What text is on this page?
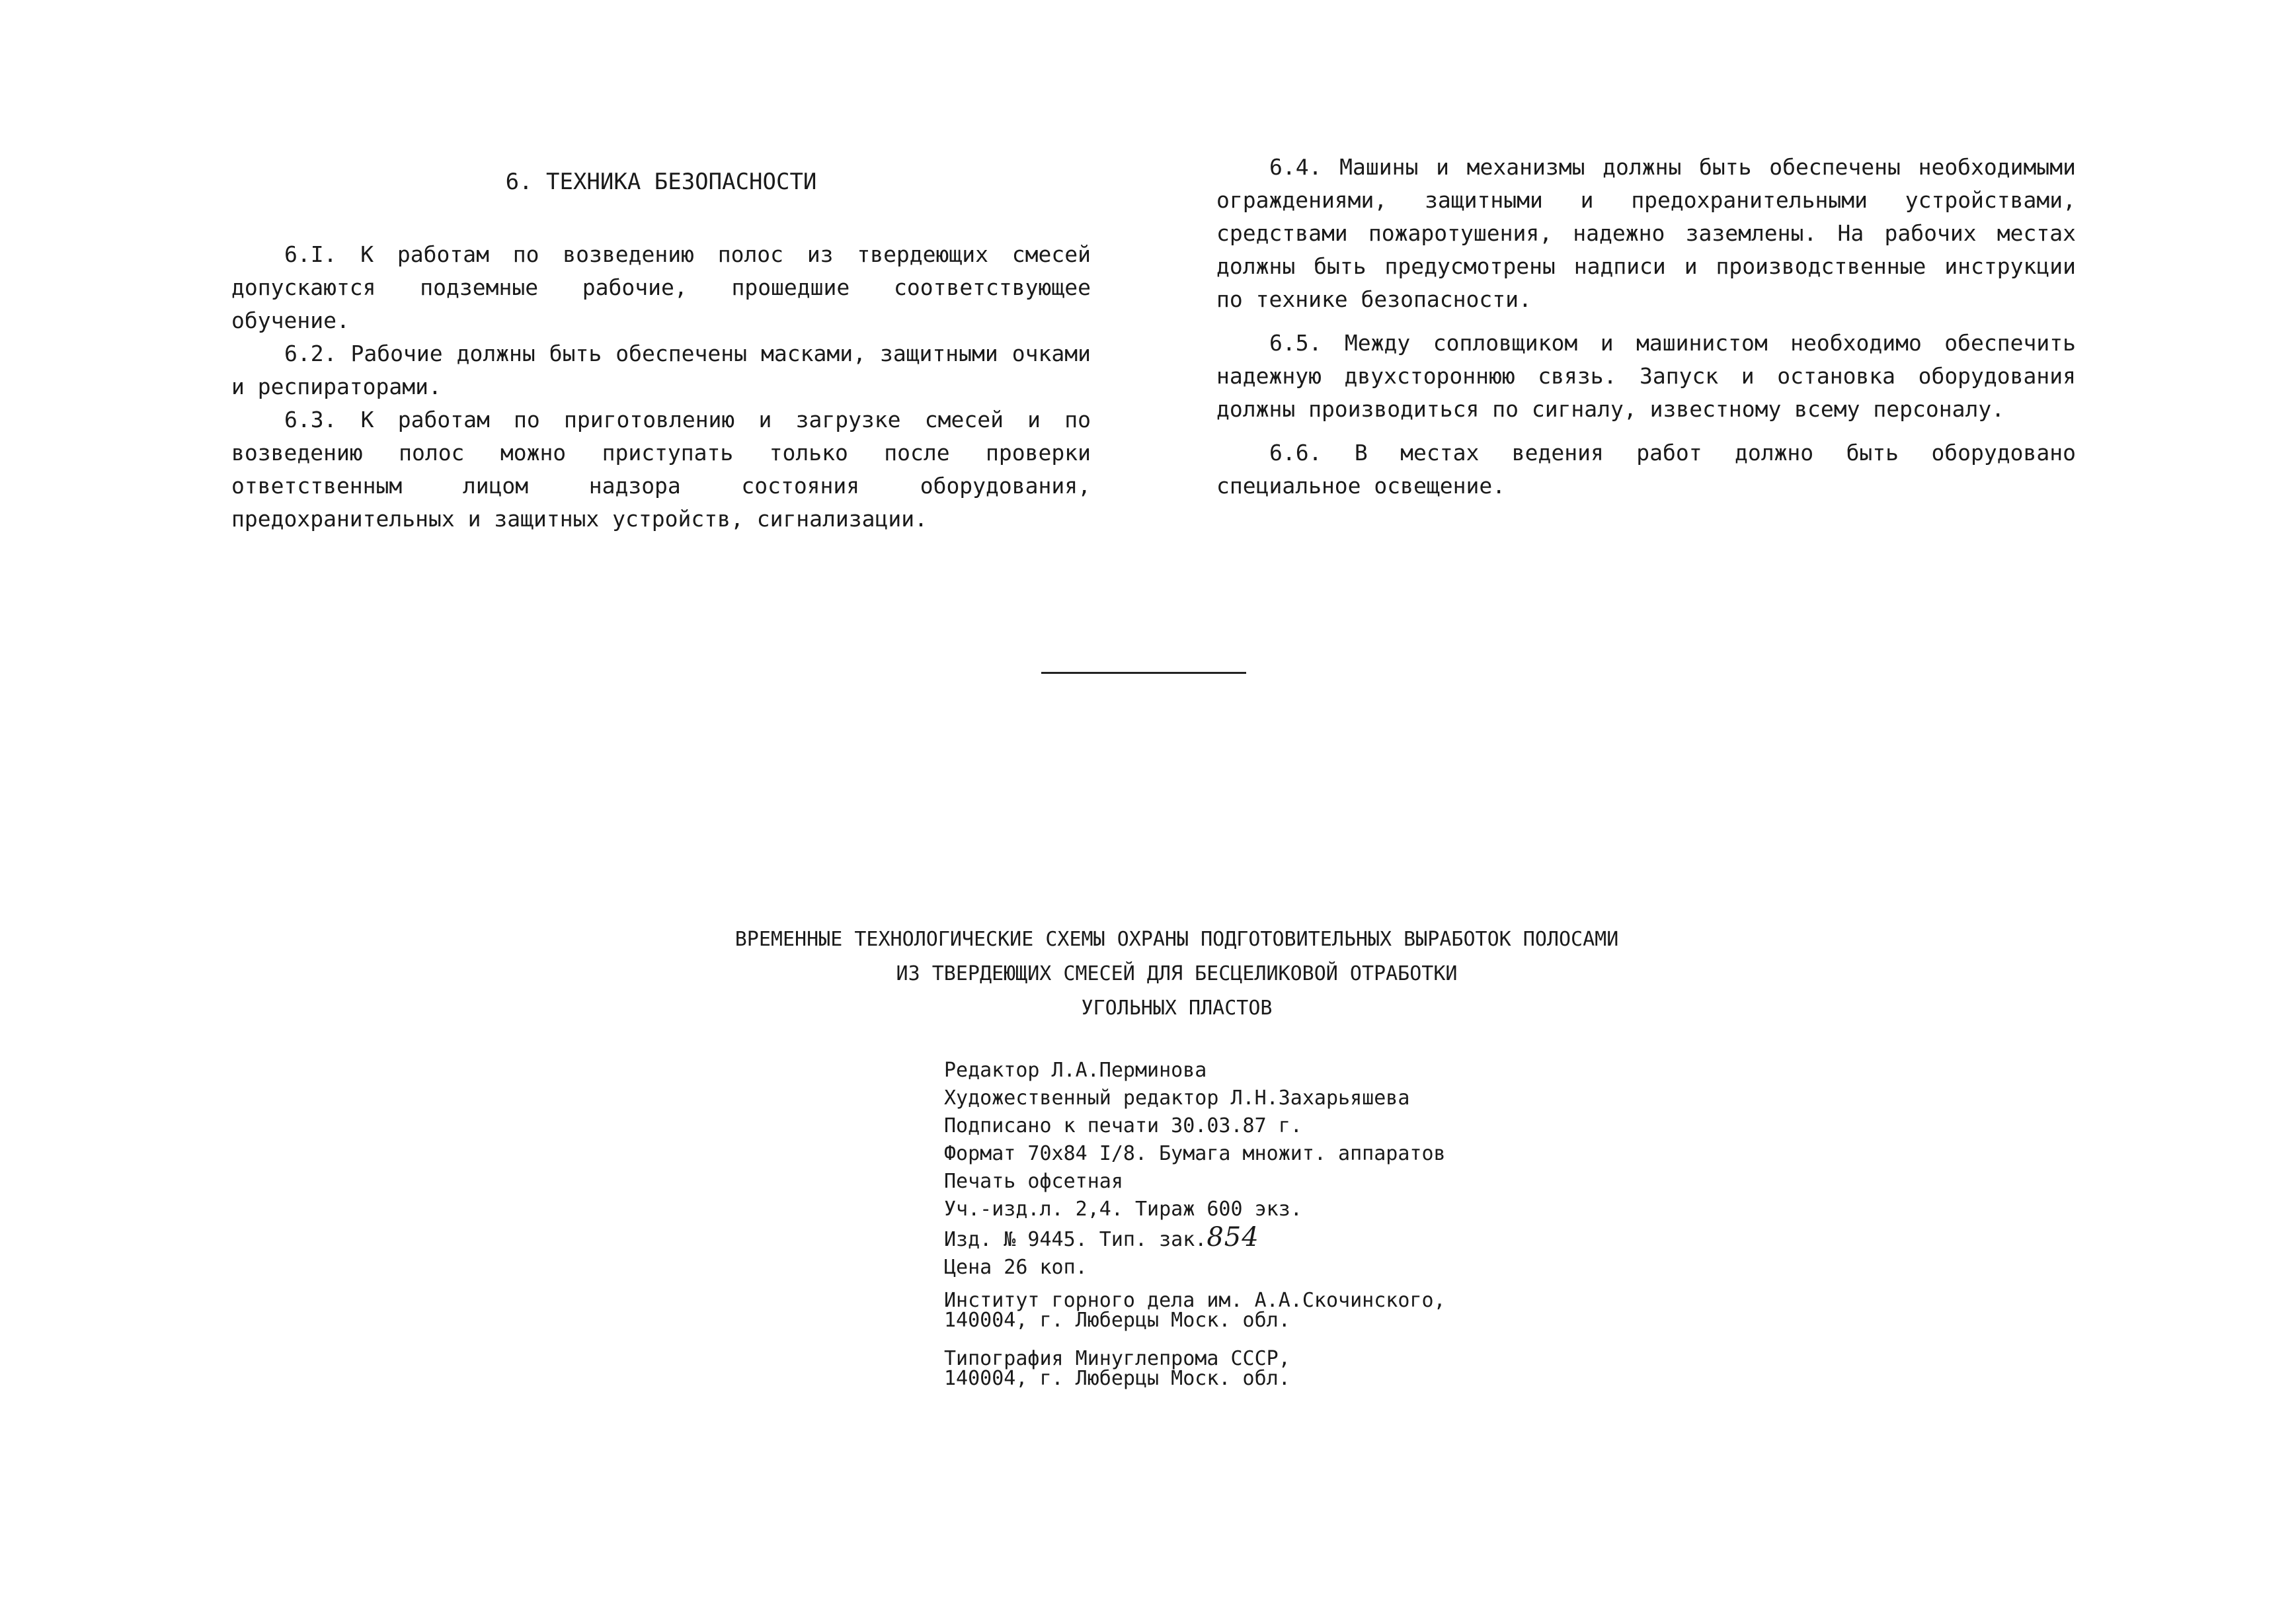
6. ТЕХНИКА БЕЗОПАСНОСТИ

6.I. К работам по возведению полос из твердеющих смесей допускаются подземные рабочие, прошедшие соответствующее обучение.

6.2. Рабочие должны быть обеспечены масками, защитными очками и респираторами.

6.3. К работам по приготовлению и загрузке смесей и по возведению полос можно приступать только после проверки ответственным лицом надзора состояния оборудования, предохранительных и защитных устройств, сигнализации.

6.4. Машины и механизмы должны быть обеспечены необходимыми ограждениями, защитными и предохранительными устройствами, средствами пожаротушения, надежно заземлены. На рабочих местах должны быть предусмотрены надписи и производственные инструкции по технике безопасности.

6.5. Между сопловщиком и машинистом необходимо обеспечить надежную двухстороннюю связь. Запуск и остановка оборудования должны производиться по сигналу, известному всему персоналу.

6.6. В местах ведения работ должно быть оборудовано специальное освещение.

ВРЕМЕННЫЕ ТЕХНОЛОГИЧЕСКИЕ СХЕМЫ ОХРАНЫ ПОДГОТОВИТЕЛЬНЫХ ВЫРАБОТОК ПОЛОСАМИ
ИЗ ТВЕРДЕЮЩИХ СМЕСЕЙ ДЛЯ БЕСЦЕЛИКОВОЙ ОТРАБОТКИ
УГОЛЬНЫХ ПЛАСТОВ
Редактор Л.А.Перминова
Художественный редактор Л.Н.Захарьяшева
Подписано к печати 30.03.87 г.
Формат 70х84 I/8. Бумага множит. аппаратов
Печать офсетная
Уч.-изд.л. 2,4. Тираж 600 экз.
Изд. № 9445. Тип. зак.854
Цена 26 коп.
Институт горного дела им. А.А.Скочинского,
140004, г. Люберцы Моск. обл.
Типография Минуглепрома СССР,
140004, г. Люберцы Моск. обл.
